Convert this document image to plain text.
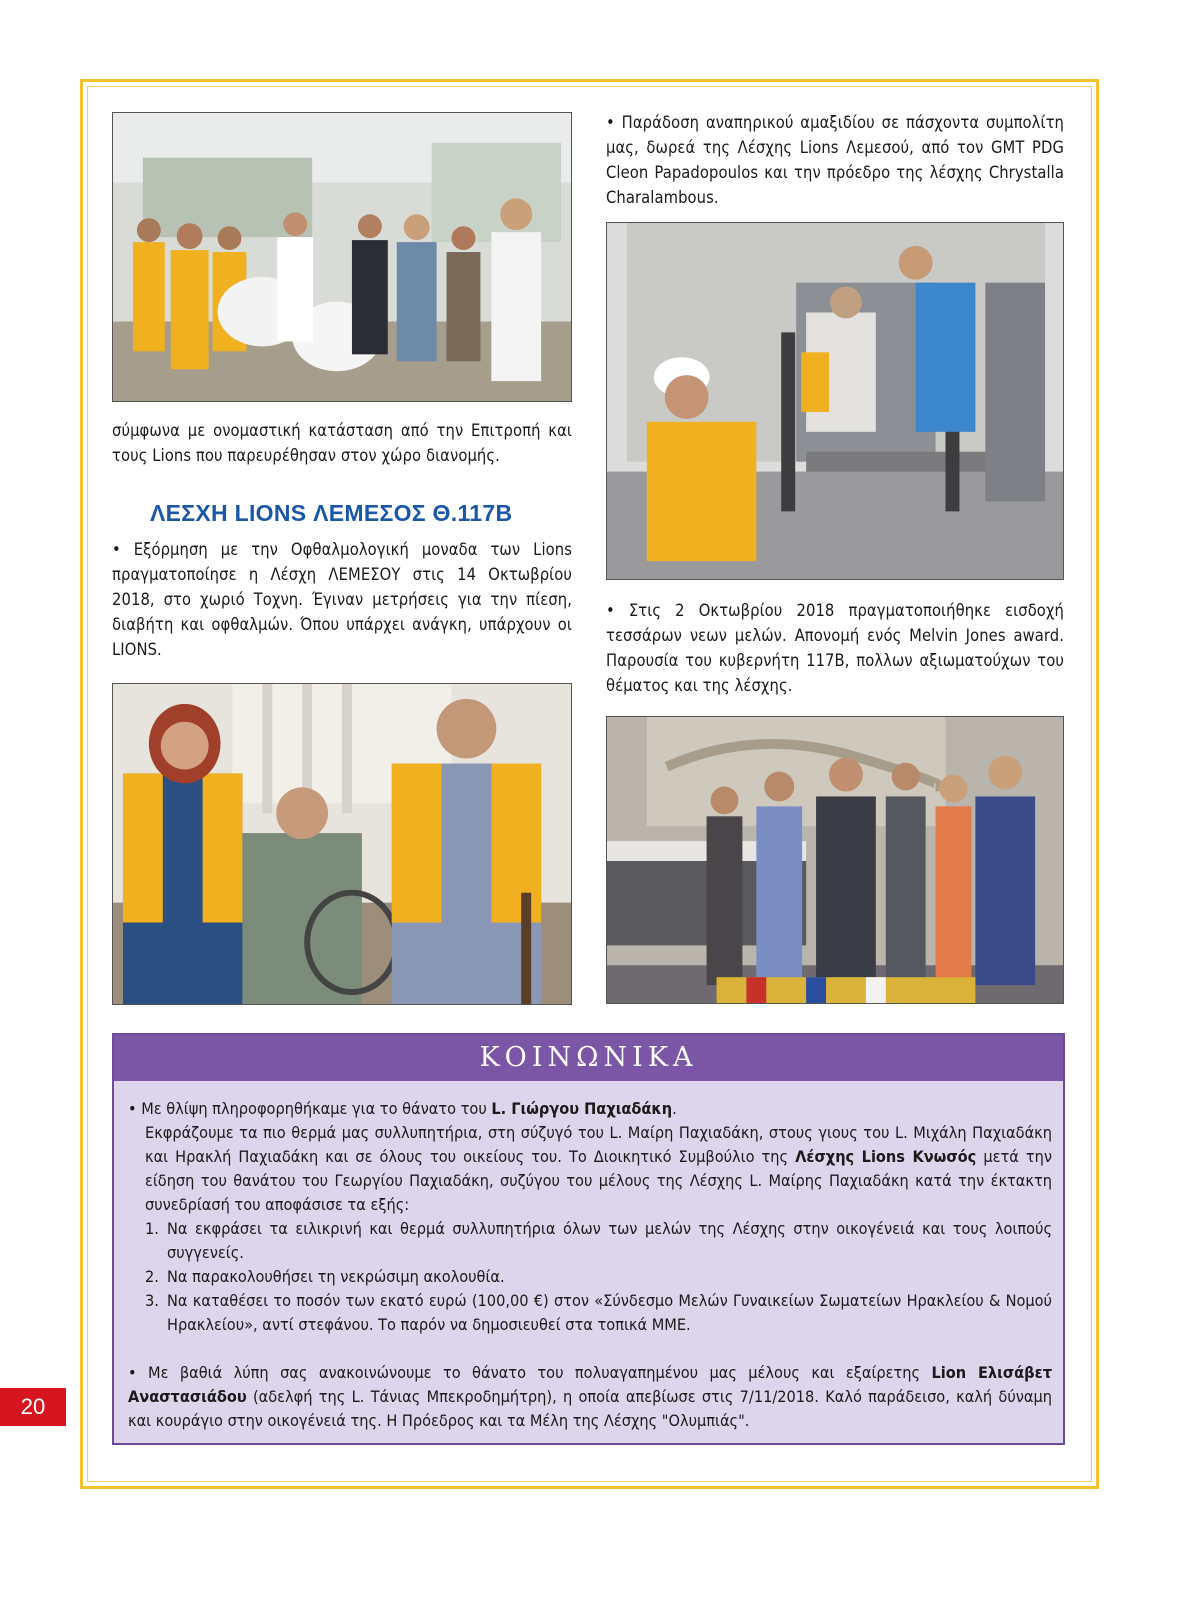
• Παράδοση αναπηρικού αμαξιδίου σε πάσχοντα συμπολίτη μας, δωρεά της Λέσχης Lions Λεμεσού, από τον GMT PDG Cleon Papadopoulos και την πρόεδρο της λέσχης Chrystalla Charalambous.

σύμφωνα με ονομαστική κατάσταση από την Επιτροπή και τους Lions που παρευρέθησαν στον χώρο διανομής.

ΛΕΣΧΗ LIONS ΛΕΜΕΣΟΣ Θ.117Β

• Εξόρμηση με την Οφθαλμολογική μοναδα των Lions πραγματοποίησε η Λέσχη ΛΕΜΕΣΟΥ στις 14 Οκτωβρίου 2018, στο χωριό Τοχνη. Έγιναν μετρήσεις για την πίεση, διαβήτη και οφθαλμών. Όπου υπάρχει ανάγκη, υπάρχουν οι LIONS.

• Στις 2 Οκτωβρίου 2018 πραγματοποιήθηκε εισδοχή τεσσάρων νεων μελών. Απονομή ενός Melvin Jones award. Παρουσία του κυβερνήτη 117Β, πολλων αξιωματούχων του θέματος και της λέσχης.

ΚΟΙΝΩΝΙΚΑ

• Με θλίψη πληροφορηθήκαμε για το θάνατο του L. Γιώργου Παχιαδάκη.

Εκφράζουμε τα πιο θερμά μας συλλυπητήρια, στη σύζυγό του L. Μαίρη Παχιαδάκη, στους γιους του L. Μιχάλη Παχιαδάκη και Ηρακλή Παχιαδάκη και σε όλους του οικείους του. Το Διοικητικό Συμβούλιο της Λέσχης Lions Κνωσός μετά την είδηση του θανάτου του Γεωργίου Παχιαδάκη, συζύγου του μέλους της Λέσχης L. Μαίρης Παχιαδάκη κατά την έκτακτη συνεδρίασή του αποφάσισε τα εξής:

1. Να εκφράσει τα ειλικρινή και θερμά συλλυπητήρια όλων των μελών της Λέσχης στην οικογένειά και τους λοιπούς συγγενείς.
2. Να παρακολουθήσει τη νεκρώσιμη ακολουθία.
3. Να καταθέσει το ποσόν των εκατό ευρώ (100,00 €) στον «Σύνδεσμο Μελών Γυναικείων Σωματείων Ηρακλείου & Νομού Ηρακλείου», αντί στεφάνου. Το παρόν να δημοσιευθεί στα τοπικά ΜΜΕ.

• Με βαθιά λύπη σας ανακοινώνουμε το θάνατο του πολυαγαπημένου μας μέλους και εξαίρετης Lion Ελισάβετ Αναστασιάδου (αδελφή της L. Τάνιας Μπεκροδημήτρη), η οποία απεβίωσε στις 7/11/2018. Καλό παράδεισο, καλή δύναμη και κουράγιο στην οικογένειά της. Η Πρόεδρος και τα Μέλη της Λέσχης "Ολυμπιάς".

20
